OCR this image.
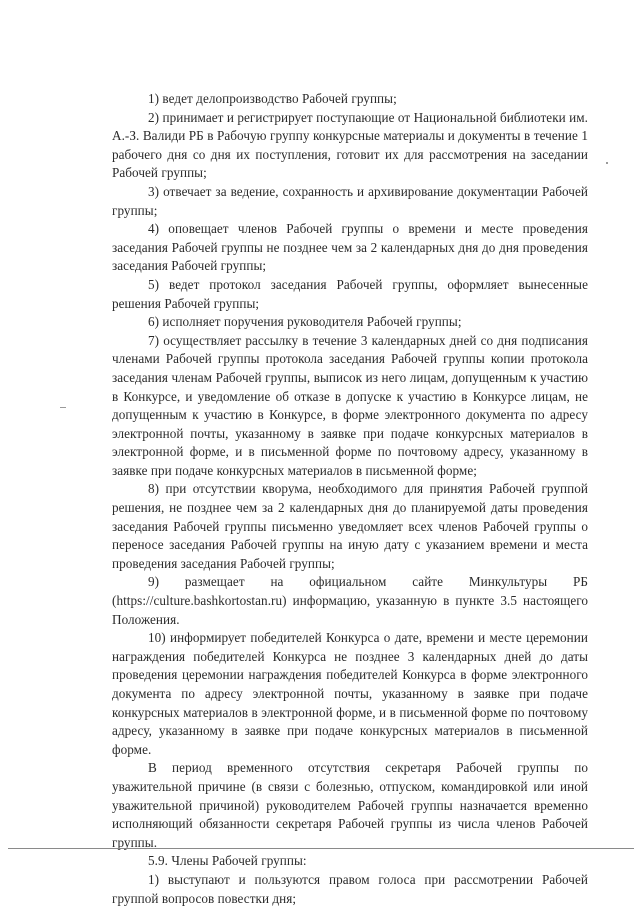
1) ведет делопроизводство Рабочей группы;

2) принимает и регистрирует поступающие от Национальной библиотеки им. А.-З. Валиди РБ в Рабочую группу конкурсные материалы и документы в течение 1 рабочего дня со дня их поступления, готовит их для рассмотрения на заседании Рабочей группы;

3) отвечает за ведение, сохранность и архивирование документации Рабочей группы;

4) оповещает членов Рабочей группы о времени и месте проведения заседания Рабочей группы не позднее чем за 2 календарных дня до дня проведения заседания Рабочей группы;

5) ведет протокол заседания Рабочей группы, оформляет вынесенные решения Рабочей группы;

6) исполняет поручения руководителя Рабочей группы;

7) осуществляет рассылку в течение 3 календарных дней со дня подписания членами Рабочей группы протокола заседания Рабочей группы копии протокола заседания членам Рабочей группы, выписок из него лицам, допущенным к участию в Конкурсе, и уведомление об отказе в допуске к участию в Конкурсе лицам, не допущенным к участию в Конкурсе, в форме электронного документа по адресу электронной почты, указанному в заявке при подаче конкурсных материалов в электронной форме, и в письменной форме по почтовому адресу, указанному в заявке при подаче конкурсных материалов в письменной форме;

8) при отсутствии кворума, необходимого для принятия Рабочей группой решения, не позднее чем за 2 календарных дня до планируемой даты проведения заседания Рабочей группы письменно уведомляет всех членов Рабочей группы о переносе заседания Рабочей группы на иную дату с указанием времени и места проведения заседания Рабочей группы;

9) размещает на официальном сайте Минкультуры РБ (https://culture.bashkortostan.ru) информацию, указанную в пункте 3.5 настоящего Положения.

10) информирует победителей Конкурса о дате, времени и месте церемонии награждения победителей Конкурса не позднее 3 календарных дней до даты проведения церемонии награждения победителей Конкурса в форме электронного документа по адресу электронной почты, указанному в заявке при подаче конкурсных материалов в электронной форме, и в письменной форме по почтовому адресу, указанному в заявке при подаче конкурсных материалов в письменной форме.

В период временного отсутствия секретаря Рабочей группы по уважительной причине (в связи с болезнью, отпуском, командировкой или иной уважительной причиной) руководителем Рабочей группы назначается временно исполняющий обязанности секретаря Рабочей группы из числа членов Рабочей группы.

5.9. Члены Рабочей группы:

1) выступают и пользуются правом голоса при рассмотрении Рабочей группой вопросов повестки дня;
